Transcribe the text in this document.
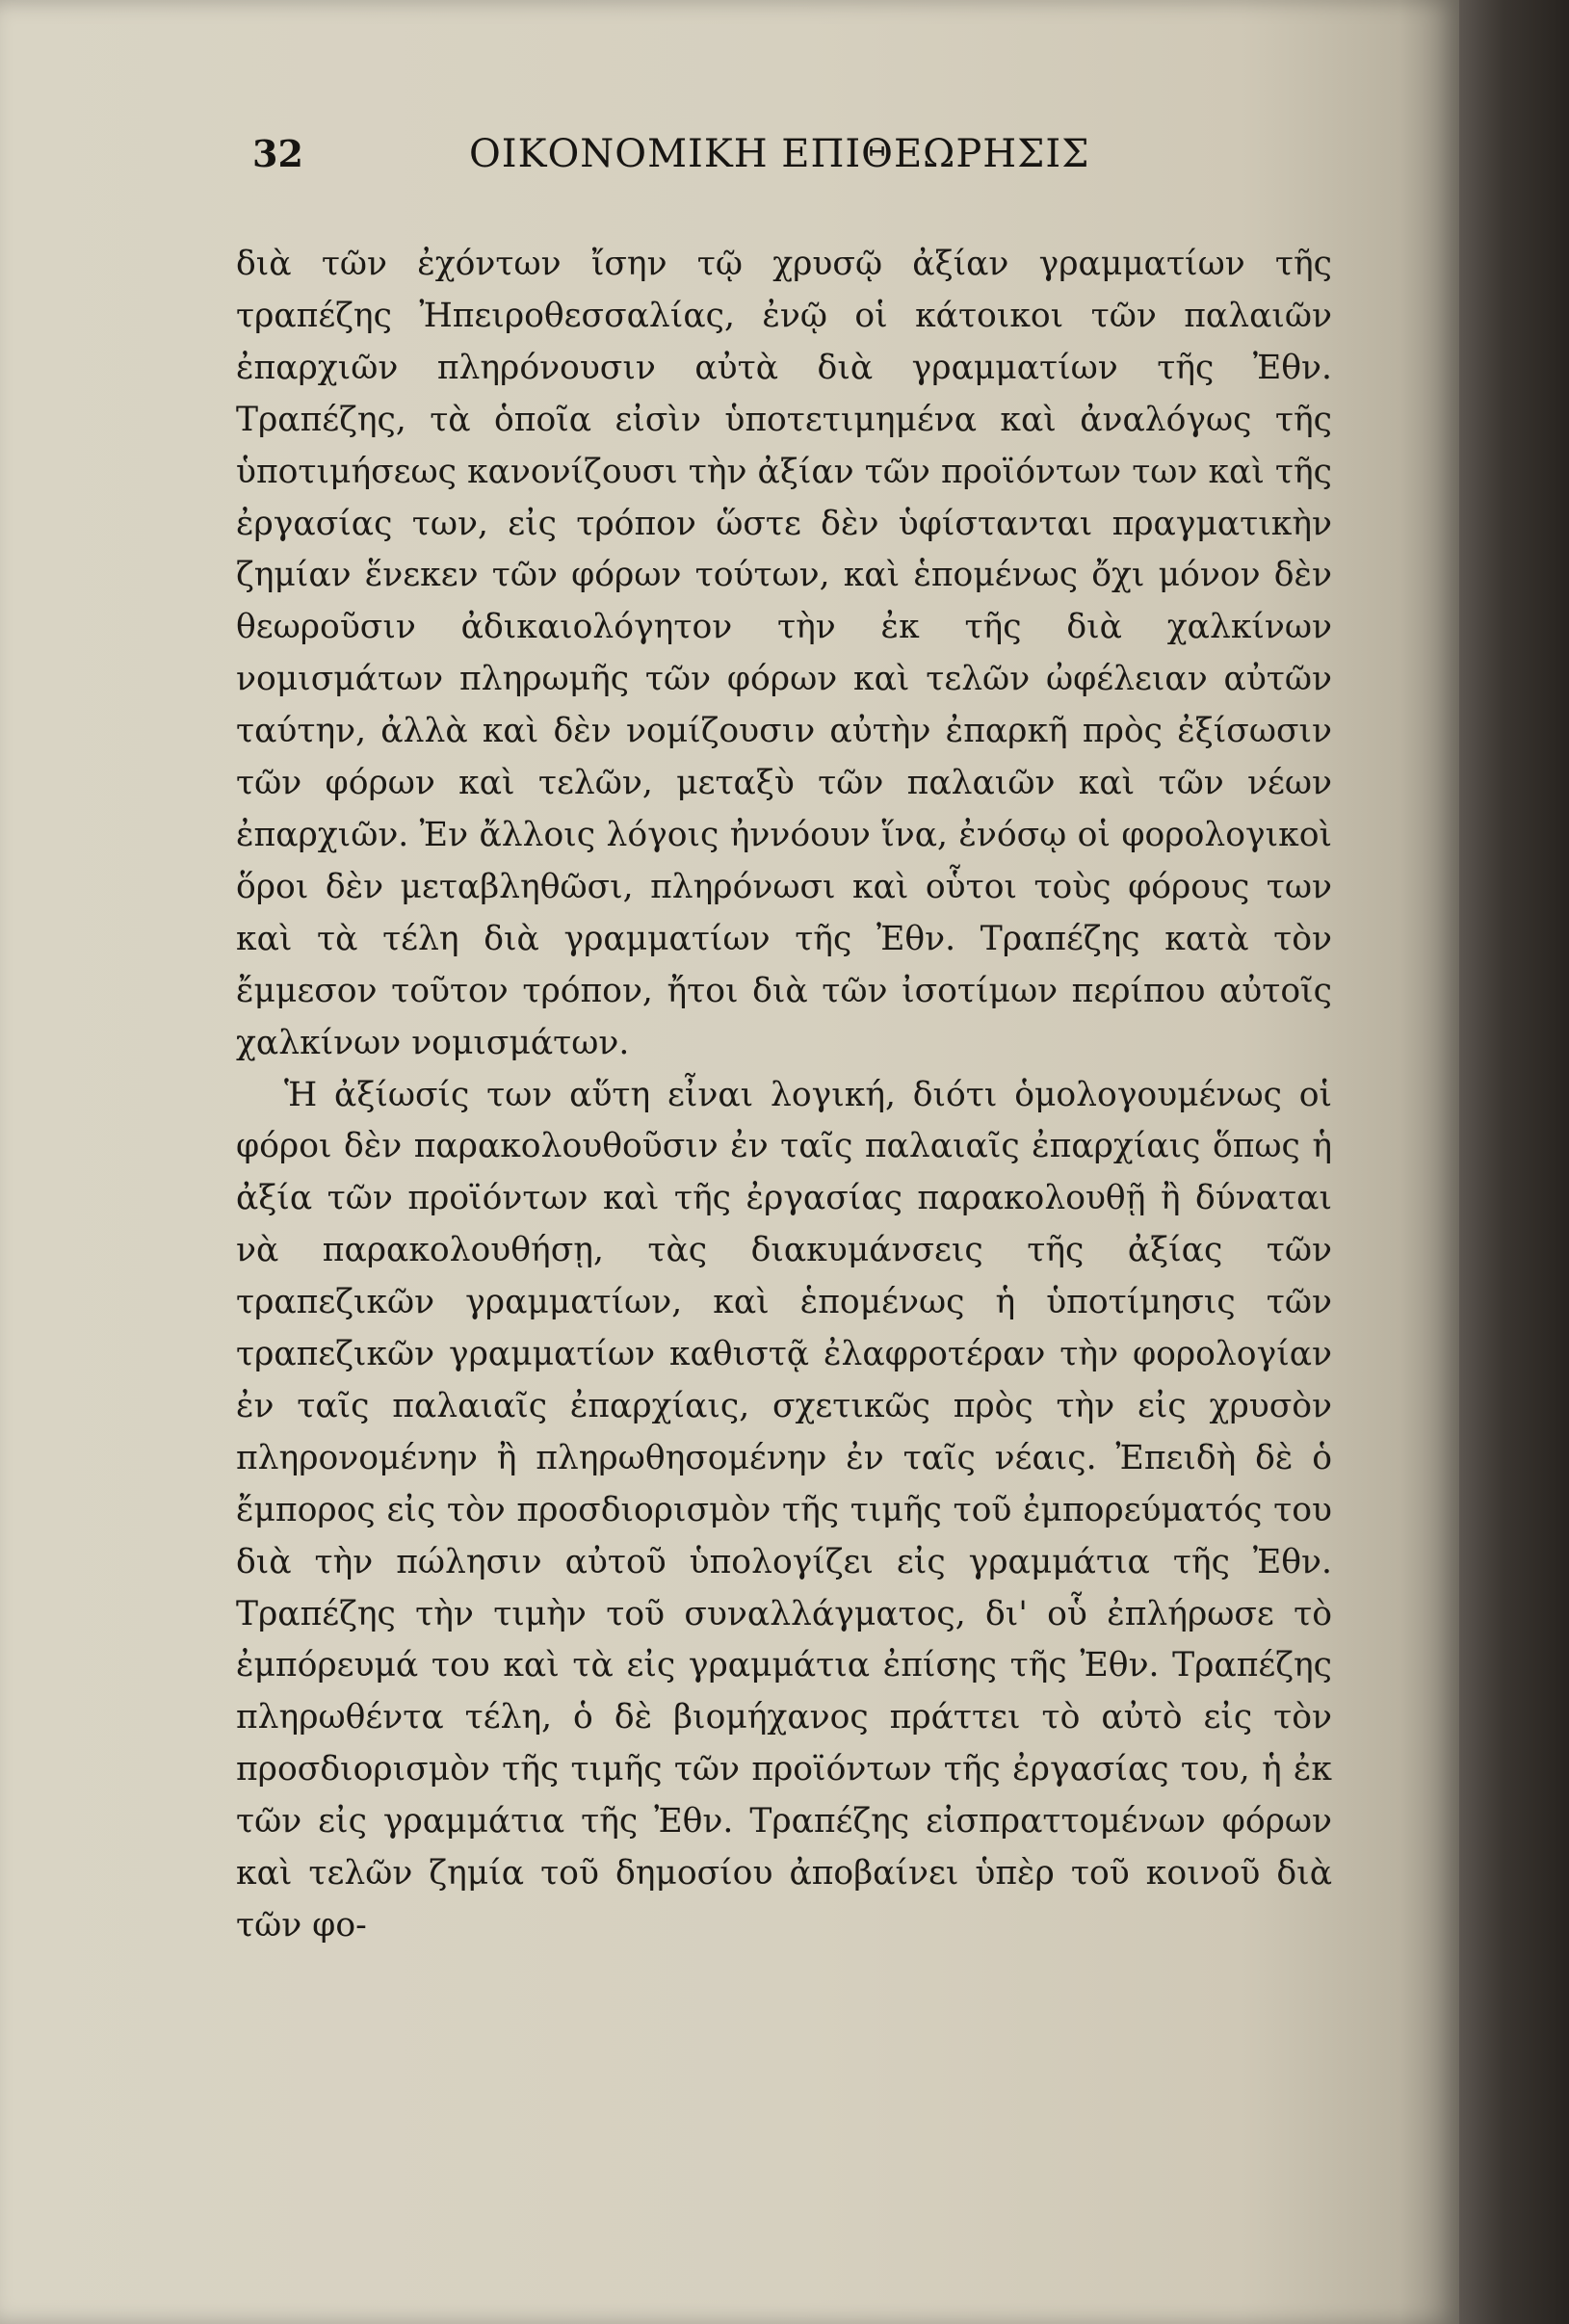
32	ΟΙΚΟΝΟΜΙΚΗ ΕΠΙΘΕΩΡΗΣΙΣ

διὰ τῶν ἐχόντων ἴσην τῷ χρυσῷ ἀξίαν γραμματίων τῆς τραπέζης Ἠπειροθεσσαλίας, ἐνῷ οἱ κάτοικοι τῶν παλαιῶν ἐπαρχιῶν πληρόνουσιν αὐτὰ διὰ γραμματίων τῆς Ἐθν. Τραπέζης, τὰ ὁποῖα εἰσὶν ὑποτετιμημένα καὶ ἀναλόγως τῆς ὑποτιμήσεως κανονίζουσι τὴν ἀξίαν τῶν προϊόντων των καὶ τῆς ἐργασίας των, εἰς τρόπον ὥστε δὲν ὑφίστανται πραγματικὴν ζημίαν ἕνεκεν τῶν φόρων τούτων, καὶ ἑπομένως ὄχι μόνον δὲν θεωροῦσιν ἀδικαιολόγητον τὴν ἐκ τῆς διὰ χαλκίνων νομισμάτων πληρωμῆς τῶν φόρων καὶ τελῶν ὠφέλειαν αὐτῶν ταύτην, ἀλλὰ καὶ δὲν νομίζουσιν αὐτὴν ἐπαρκῆ πρὸς ἐξίσωσιν τῶν φόρων καὶ τελῶν, μεταξὺ τῶν παλαιῶν καὶ τῶν νέων ἐπαρχιῶν. Ἐν ἄλλοις λόγοις ἠννόουν ἵνα, ἐνόσῳ οἱ φορολογικοὶ ὅροι δὲν μεταβληθῶσι, πληρόνωσι καὶ οὗτοι τοὺς φόρους των καὶ τὰ τέλη διὰ γραμματίων τῆς Ἐθν. Τραπέζης κατὰ τὸν ἔμμεσον τοῦτον τρόπον, ἤτοι διὰ τῶν ἰσοτίμων περίπου αὐτοῖς χαλκίνων νομισμάτων.

Ἡ ἀξίωσίς των αὕτη εἶναι λογική, διότι ὁμολογουμένως οἱ φόροι δὲν παρακολουθοῦσιν ἐν ταῖς παλαιαῖς ἐπαρχίαις ὅπως ἡ ἀξία τῶν προϊόντων καὶ τῆς ἐργασίας παρακολουθῇ ἢ δύναται νὰ παρακολουθήσῃ, τὰς διακυμάνσεις τῆς ἀξίας τῶν τραπεζικῶν γραμματίων, καὶ ἑπομένως ἡ ὑποτίμησις τῶν τραπεζικῶν γραμματίων καθιστᾷ ἐλαφροτέραν τὴν φορολογίαν ἐν ταῖς παλαιαῖς ἐπαρχίαις, σχετικῶς πρὸς τὴν εἰς χρυσὸν πληρονομένην ἢ πληρωθησομένην ἐν ταῖς νέαις. Ἐπειδὴ δὲ ὁ ἔμπορος εἰς τὸν προσδιορισμὸν τῆς τιμῆς τοῦ ἐμπορεύματός του διὰ τὴν πώλησιν αὐτοῦ ὑπολογίζει εἰς γραμμάτια τῆς Ἐθν. Τραπέζης τὴν τιμὴν τοῦ συναλλάγματος, δι' οὗ ἐπλήρωσε τὸ ἐμπόρευμά του καὶ τὰ εἰς γραμμάτια ἐπίσης τῆς Ἐθν. Τραπέζης πληρωθέντα τέλη, ὁ δὲ βιομήχανος πράττει τὸ αὐτὸ εἰς τὸν προσδιορισμὸν τῆς τιμῆς τῶν προϊόντων τῆς ἐργασίας του, ἡ ἐκ τῶν εἰς γραμμάτια τῆς Ἐθν. Τραπέζης εἰσπραττομένων φόρων καὶ τελῶν ζημία τοῦ δημοσίου ἀποβαίνει ὑπὲρ τοῦ κοινοῦ διὰ τῶν φο-
